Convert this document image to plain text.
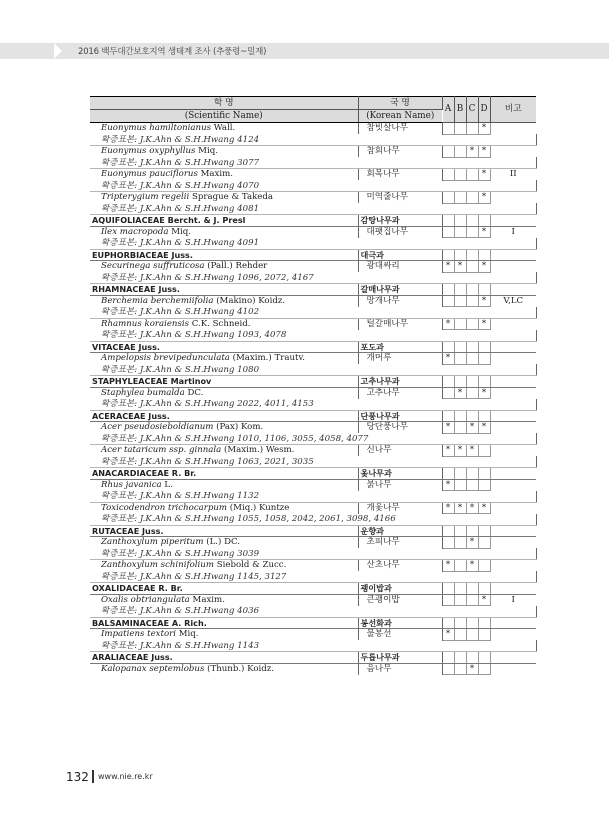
2016 백두대간보호지역 생태계 조사 (추풍령~밀재)
학 명	국 명	A	B	C	D	비고
(Scientific Name)	(Korean Name)					
Euonymus hamiltonianus Wall.	참빗살나무				*	
확증표본: J.K.Ahn & S.H.Hwang 4124						
Euonymus oxyphyllus Miq.	참회나무			*	*	
확증표본: J.K.Ahn & S.H.Hwang 3077						
Euonymus pauciflorus Maxim.	회목나무				*	II
확증표본: J.K.Ahn & S.H.Hwang 4070						
Tripterygium regelii Sprague & Takeda	미역줄나무				*	
확증표본: J.K.Ahn & S.H.Hwang 4081						
AQUIFOLIACEAE Bercht. & J. Presl	감탕나무과					
Ilex macropoda Miq.	대팻집나무				*	I
확증표본: J.K.Ahn & S.H.Hwang 4091						
EUPHORBIACEAE Juss.	대극과					
Securinega suffruticosa (Pall.) Rehder	광대싸리	*	*		*	
확증표본: J.K.Ahn & S.H.Hwang 1096, 2072, 4167						
RHAMNACEAE Juss.	갈매나무과					
Berchemia berchemiifolia (Makino) Koidz.	망개나무				*	V,LC
확증표본: J.K.Ahn & S.H.Hwang 4102						
Rhamnus koraiensis C.K. Schneid.	털갈매나무	*			*	
확증표본: J.K.Ahn & S.H.Hwang 1093, 4078						
VITACEAE Juss.	포도과					
Ampelopsis brevipedunculata (Maxim.) Trautv.	개머루	*				
확증표본: J.K.Ahn & S.H.Hwang 1080						
STAPHYLEACEAE Martinov	고추나무과					
Staphylea bumalda DC.	고추나무		*		*	
확증표본: J.K.Ahn & S.H.Hwang 2022, 4011, 4153						
ACERACEAE Juss.	단풍나무과					
Acer pseudosieboldianum (Pax) Kom.	당단풍나무	*		*	*	
확증표본: J.K.Ahn & S.H.Hwang 1010, 1106, 3055, 4058, 4077						
Acer tataricum ssp. ginnala (Maxim.) Wesm.	신나무	*	*	*		
확증표본: J.K.Ahn & S.H.Hwang 1063, 2021, 3035						
ANACARDIACEAE R. Br.	옻나무과					
Rhus javanica L.	붉나무	*				
확증표본: J.K.Ahn & S.H.Hwang 1132						
Toxicodendron trichocarpum (Miq.) Kuntze	개옻나무	*	*	*	*	
확증표본: J.K.Ahn & S.H.Hwang 1055, 1058, 2042, 2061, 3098, 4166						
RUTACEAE Juss.	운향과					
Zanthoxylum piperitum (L.) DC.	초피나무			*		
확증표본: J.K.Ahn & S.H.Hwang 3039						
Zanthoxylum schinifolium Siebold & Zucc.	산초나무	*		*		
확증표본: J.K.Ahn & S.H.Hwang 1145, 3127						
OXALIDACEAE R. Br.	괭이밥과					
Oxalis obtriangulata Maxim.	큰괭이밥				*	I
확증표본: J.K.Ahn & S.H.Hwang 4036						
BALSAMINACEAE A. Rich.	봉선화과					
Impatiens textori Miq.	물봉선	*				
확증표본: J.K.Ahn & S.H.Hwang 1143						
ARALIACEAE Juss.	두릅나무과					
Kalopanax septemlobus (Thunb.) Koidz.	음나무			*		
132 www.nie.re.kr
